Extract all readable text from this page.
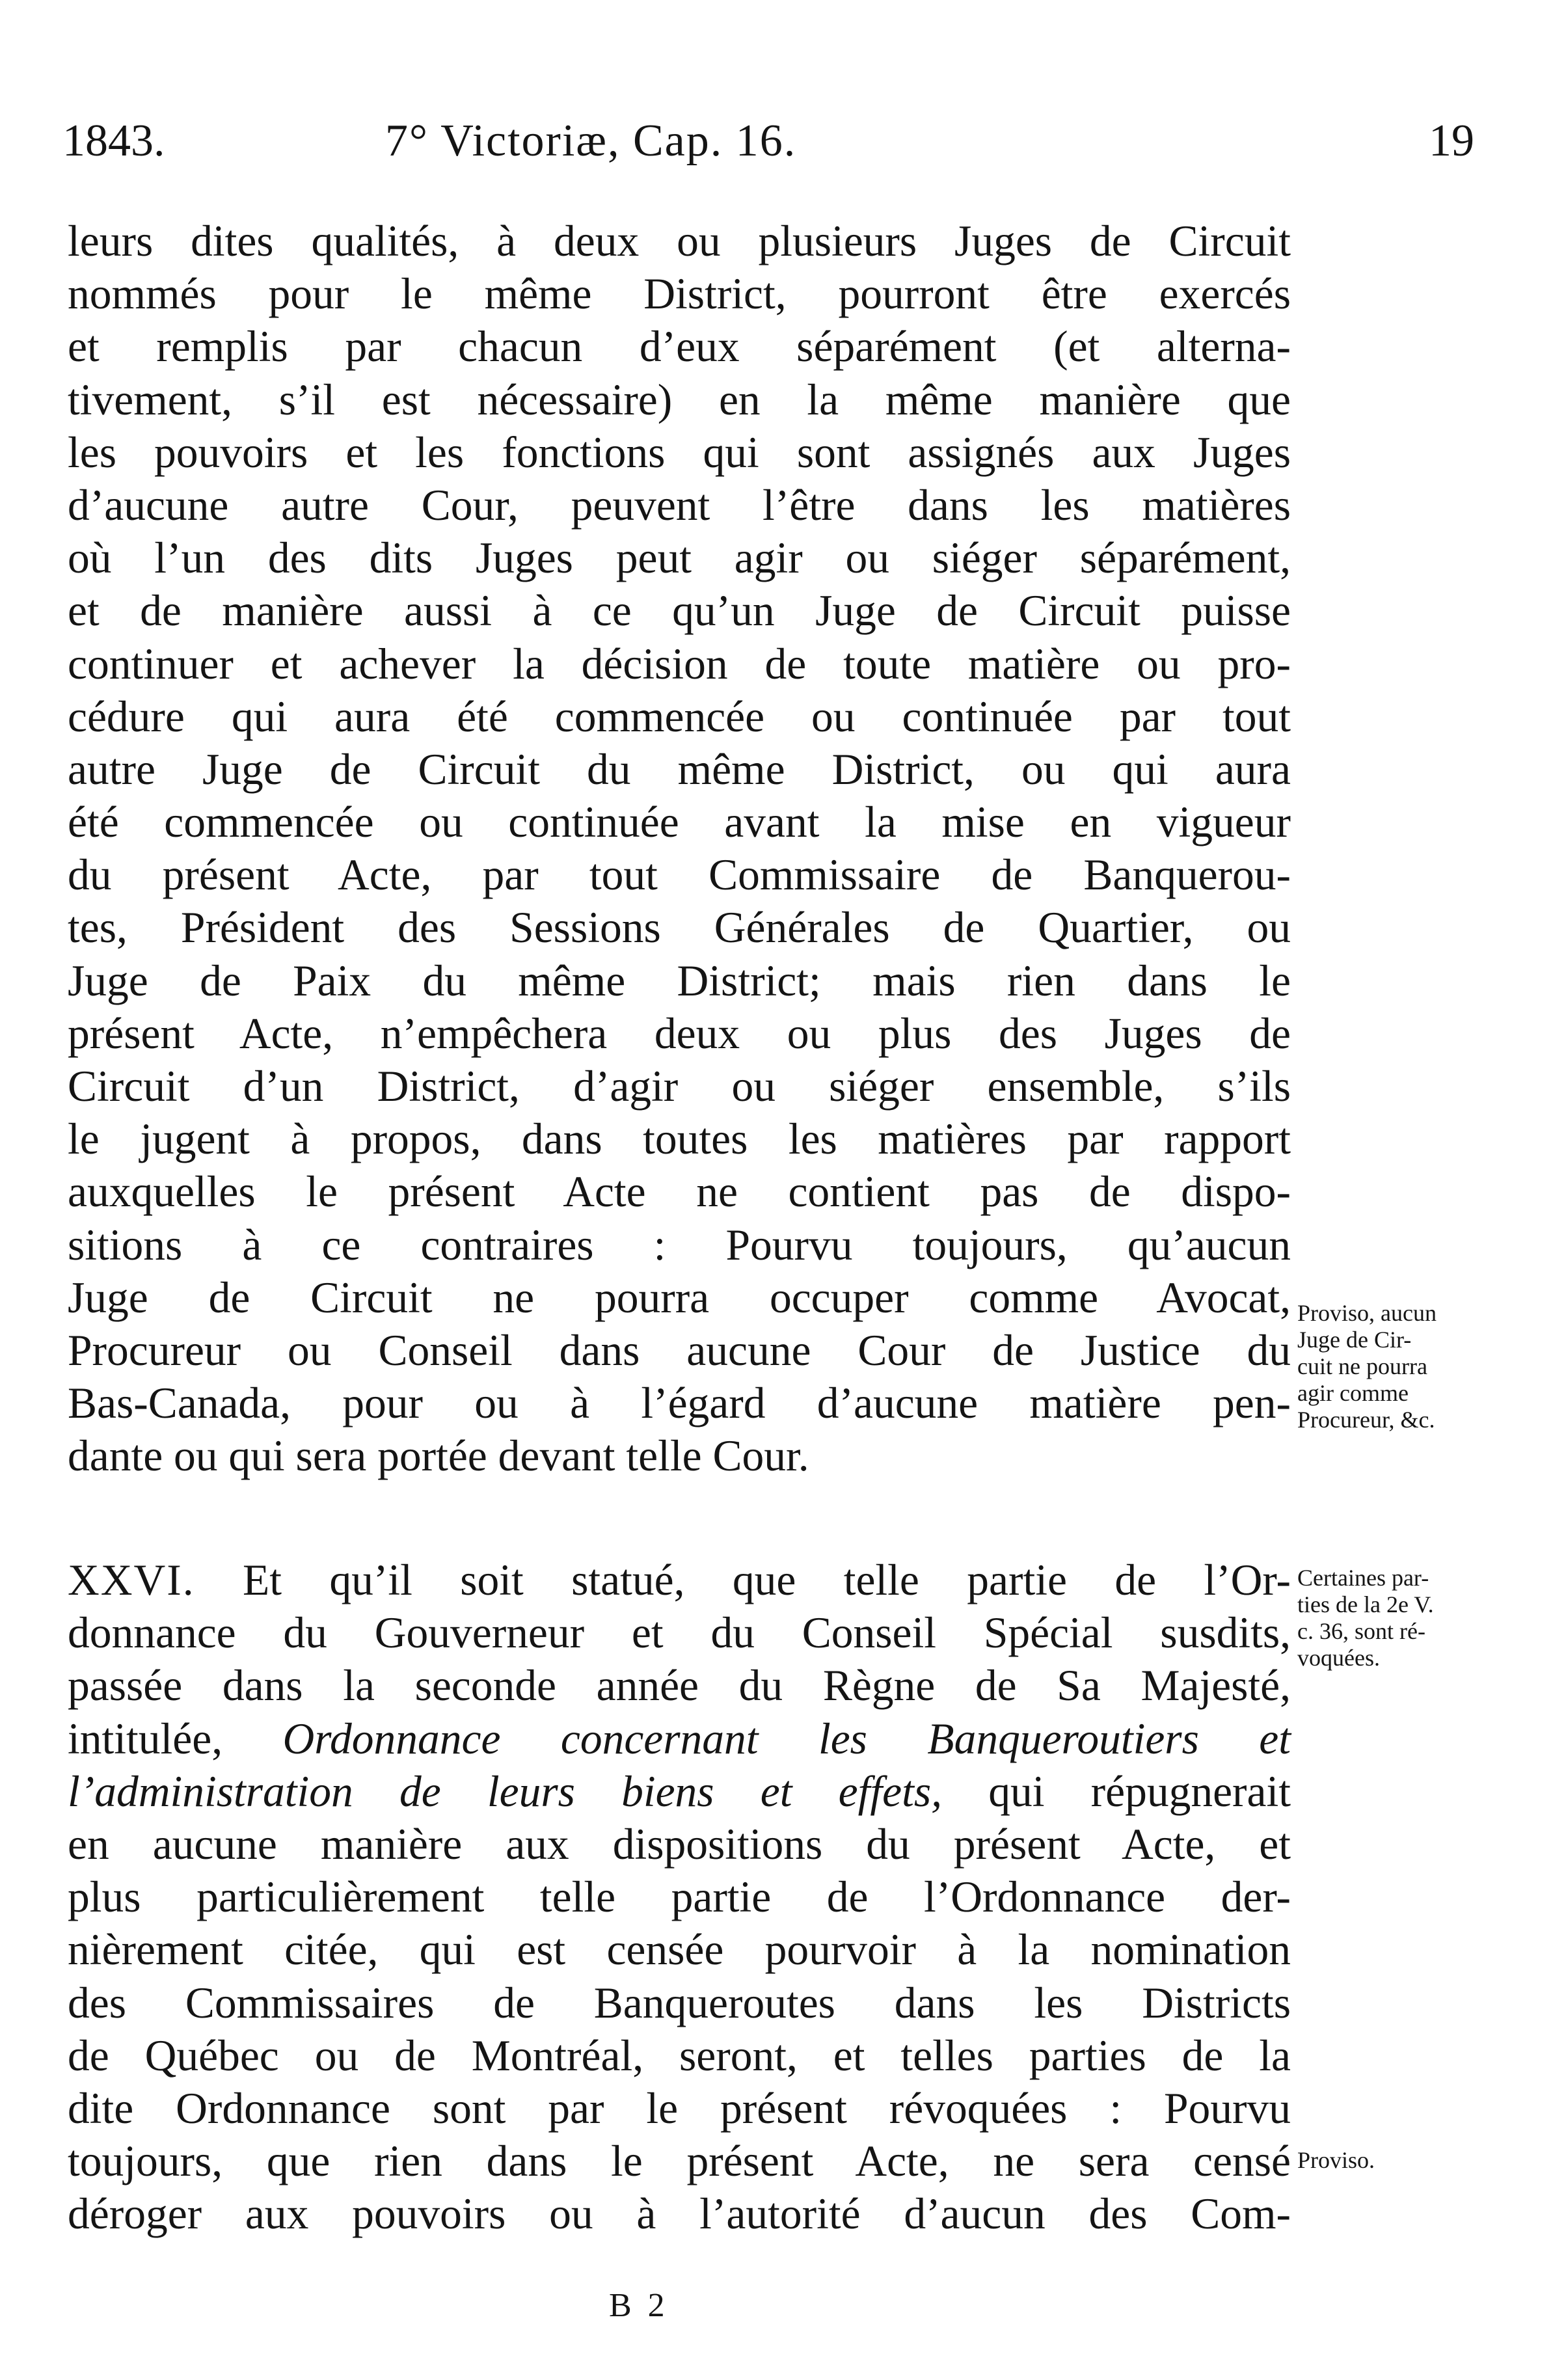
1843.	7° Victoriæ, Cap. 16.	19
leurs dites qualités, à deux ou plusieurs Juges de Circuit
nommés pour le même District, pourront être exercés
et remplis par chacun d’eux séparément (et alterna-
tivement, s’il est nécessaire) en la même manière que
les pouvoirs et les fonctions qui sont assignés aux Juges
d’aucune autre Cour, peuvent l’être dans les matières
où l’un des dits Juges peut agir ou siéger séparément,
et de manière aussi à ce qu’un Juge de Circuit puisse
continuer et achever la décision de toute matière ou pro-
cédure qui aura été commencée ou continuée par tout
autre Juge de Circuit du même District, ou qui aura
été commencée ou continuée avant la mise en vigueur
du présent Acte, par tout Commissaire de Banquerou-
tes, Président des Sessions Générales de Quartier, ou
Juge de Paix du même District; mais rien dans le
présent Acte, n’empêchera deux ou plus des Juges de
Circuit d’un District, d’agir ou siéger ensemble, s’ils
le jugent à propos, dans toutes les matières par rapport
auxquelles le présent Acte ne contient pas de dispo-
sitions à ce contraires : Pourvu toujours, qu’aucun
Juge de Circuit ne pourra occuper comme Avocat,
Procureur ou Conseil dans aucune Cour de Justice du
Bas-Canada, pour ou à l’égard d’aucune matière pen-
dante ou qui sera portée devant telle Cour.
Proviso, aucun
Juge de Cir-
cuit ne pourra
agir comme
Procureur, &c.
XXVI. Et qu’il soit statué, que telle partie de l’Or-
donnance du Gouverneur et du Conseil Spécial susdits,
passée dans la seconde année du Règne de Sa Majesté,
intitulée, Ordonnance concernant les Banqueroutiers et
l’administration de leurs biens et effets, qui répugnerait
en aucune manière aux dispositions du présent Acte, et
plus particulièrement telle partie de l’Ordonnance der-
nièrement citée, qui est censée pourvoir à la nomination
des Commissaires de Banqueroutes dans les Districts
de Québec ou de Montréal, seront, et telles parties de la
dite Ordonnance sont par le présent révoquées : Pourvu
toujours, que rien dans le présent Acte, ne sera censé
déroger aux pouvoirs ou à l’autorité d’aucun des Com-
Certaines par-
ties de la 2e V.
c. 36, sont ré-
voquées.
Proviso.
B 2
